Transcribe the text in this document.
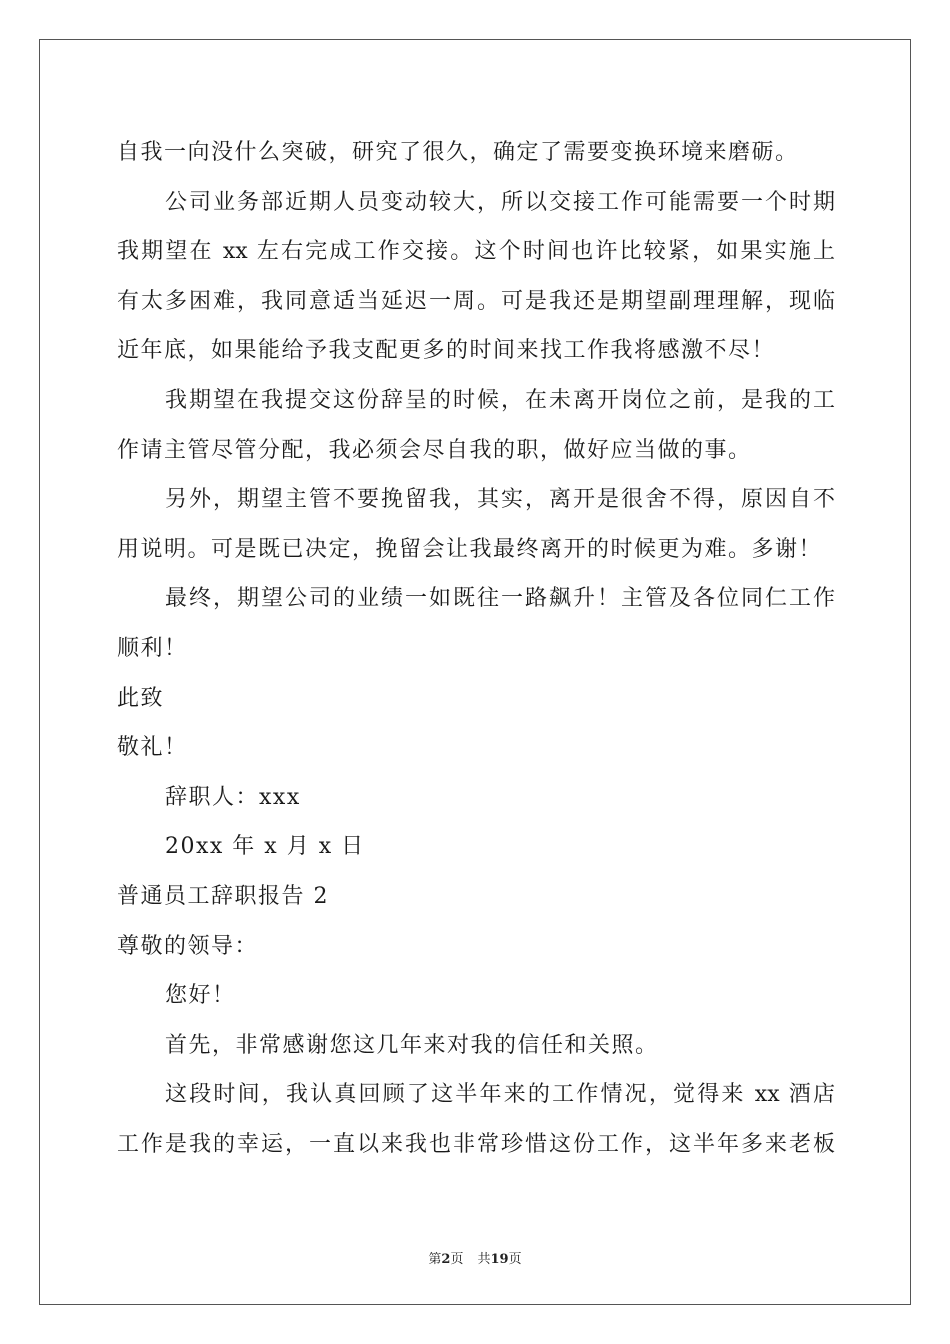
自我一向没什么突破，研究了很久，确定了需要变换环境来磨砺。
公司业务部近期人员变动较大，所以交接工作可能需要一个时期
我期望在 xx 左右完成工作交接。这个时间也许比较紧，如果实施上
有太多困难，我同意适当延迟一周。可是我还是期望副理理解，现临
近年底，如果能给予我支配更多的时间来找工作我将感激不尽！
我期望在我提交这份辞呈的时候，在未离开岗位之前，是我的工
作请主管尽管分配，我必须会尽自我的职，做好应当做的事。
另外，期望主管不要挽留我，其实，离开是很舍不得，原因自不
用说明。可是既已决定，挽留会让我最终离开的时候更为难。多谢！
最终，期望公司的业绩一如既往一路飙升！主管及各位同仁工作
顺利！
此致
敬礼！
辞职人：xxx
20xx 年 x 月 x 日
普通员工辞职报告 2
尊敬的领导：
您好！
首先，非常感谢您这几年来对我的信任和关照。
这段时间，我认真回顾了这半年来的工作情况，觉得来 xx 酒店
工作是我的幸运，一直以来我也非常珍惜这份工作，这半年多来老板
第2页 共19页
